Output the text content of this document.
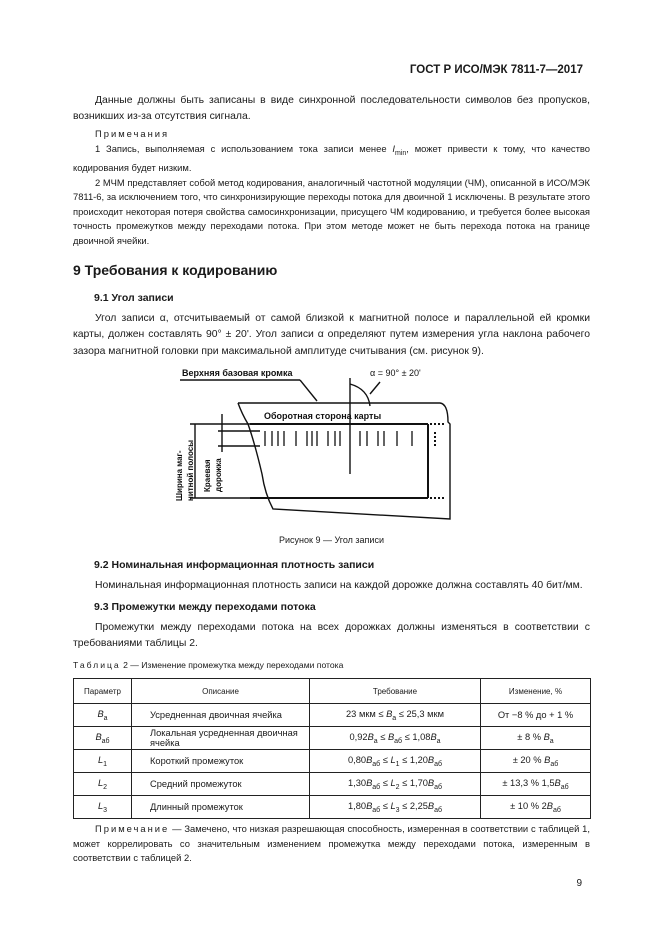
ГОСТ Р ИСО/МЭК 7811-7—2017
Данные должны быть записаны в виде синхронной последовательности символов без пропусков, возникших из-за отсутствия сигнала.
Примечания
1 Запись, выполняемая с использованием тока записи менее $I_{min}$, может привести к тому, что качество кодирования будет низким.
2 МЧМ представляет собой метод кодирования, аналогичный частотной модуляции (ЧМ), описанной в ИСО/МЭК 7811-6, за исключением того, что синхронизирующие переходы потока для двоичной 1 исключены. В результате этого происходит некоторая потеря свойства самосинхронизации, присущего ЧМ кодированию, и требуется более высокая точность промежутков между переходами потока. При этом методе может не быть перехода потока на границе двоичной ячейки.
9 Требования к кодированию
9.1 Угол записи
Угол записи α, отсчитываемый от самой близкой к магнитной полосе и параллельной ей кромки карты, должен составлять 90° ± 20'. Угол записи α определяют путем измерения угла наклона рабочего зазора магнитной головки при максимальной амплитуде считывания (см. рисунок 9).
Верхняя базовая кромка	α = 90° ± 20'
Оборотная сторона карты
Ширина маг- нитной полосы Краевая дорожка
Рисунок 9 — Угол записи
9.2 Номинальная информационная плотность записи
Номинальная информационная плотность записи на каждой дорожке должна составлять 40 бит/мм.
9.3 Промежутки между переходами потока
Промежутки между переходами потока на всех дорожках должны изменяться в соответствии с требованиями таблицы 2.
Таблица 2 — Изменение промежутка между переходами потока
Параметр	Описание	Требование	Изменение, %
$B_а$	Усредненная двоичная ячейка	23 мкм ≤ $B_а \le 25,3$ мкм	От −8 % до + 1 %
$B_{аб}$	Локальная усредненная двоичная ячейка	$0,92B_а \le B_{аб} \le 1,08B_а$	± 8 % $B_а$
$L_1$	Короткий промежуток	$0,80B_{аб} \le L_1 \le 1,20B_{аб}$	± 20 % $B_{аб}$
$L_2$	Средний промежуток	$1,30B_{аб} \le L_2 \le 1,70B_{аб}$	± 13,3 % $1,5B_{аб}$
$L_3$	Длинный промежуток	$1,80B_{аб} \le L_3 \le 2,25B_{аб}$	± 10 % $2B_{аб}$
Примечание — Замечено, что низкая разрешающая способность, измеренная в соответствии с таблицей 1, может коррелировать со значительным изменением промежутка между переходами потока, измеренным в соответствии с таблицей 2.
9
